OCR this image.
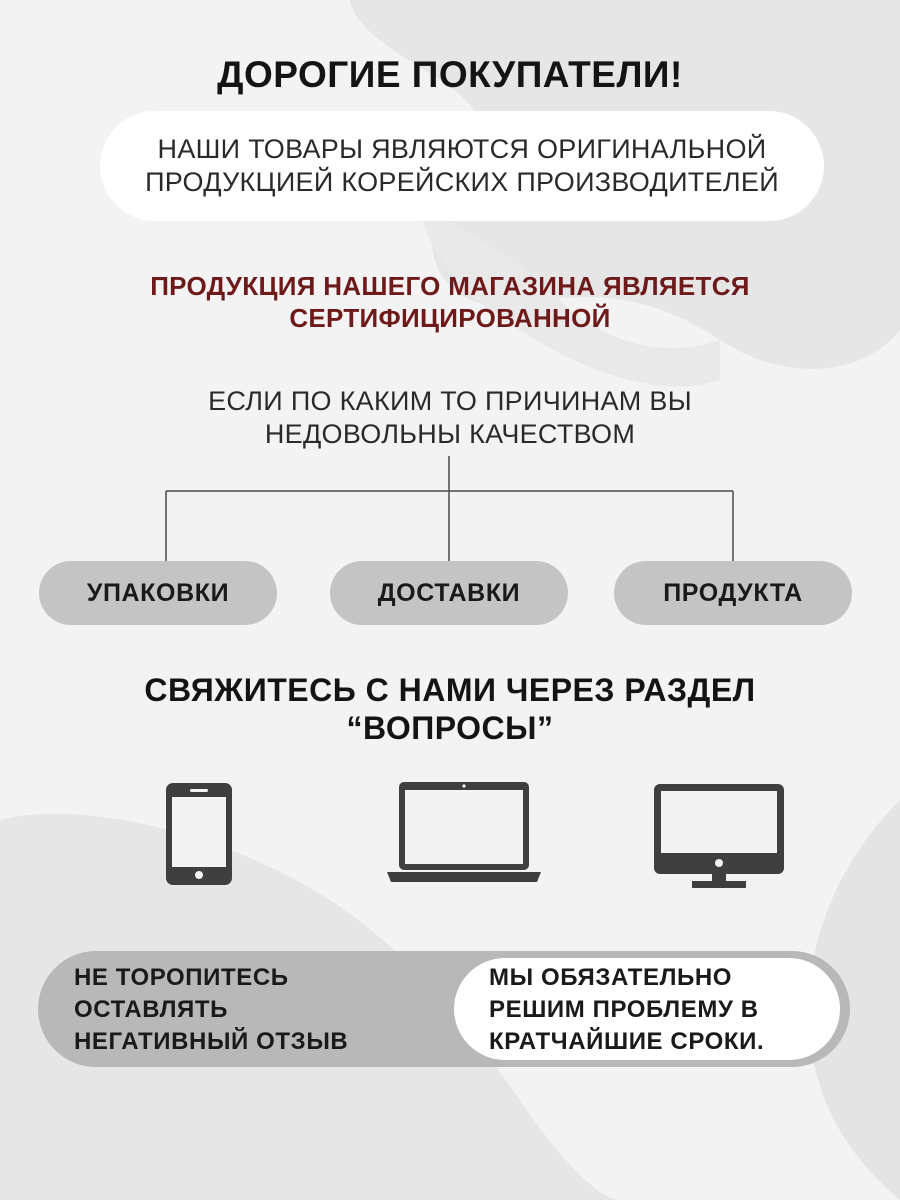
ДОРОГИЕ ПОКУПАТЕЛИ!
НАШИ ТОВАРЫ ЯВЛЯЮТСЯ ОРИГИНАЛЬНОЙ
ПРОДУКЦИЕЙ КОРЕЙСКИХ ПРОИЗВОДИТЕЛЕЙ
ПРОДУКЦИЯ НАШЕГО МАГАЗИНА ЯВЛЯЕТСЯ
СЕРТИФИЦИРОВАННОЙ
ЕСЛИ ПО КАКИМ ТО ПРИЧИНАМ ВЫ
НЕДОВОЛЬНЫ КАЧЕСТВОМ
УПАКОВКИ	ДОСТАВКИ	ПРОДУКТА
СВЯЖИТЕСЬ С НАМИ ЧЕРЕЗ РАЗДЕЛ
“ВОПРОСЫ”
НЕ ТОРОПИТЕСЬ
ОСТАВЛЯТЬ
НЕГАТИВНЫЙ ОТЗЫВ
МЫ ОБЯЗАТЕЛЬНО
РЕШИМ ПРОБЛЕМУ В
КРАТЧАЙШИЕ СРОКИ.
